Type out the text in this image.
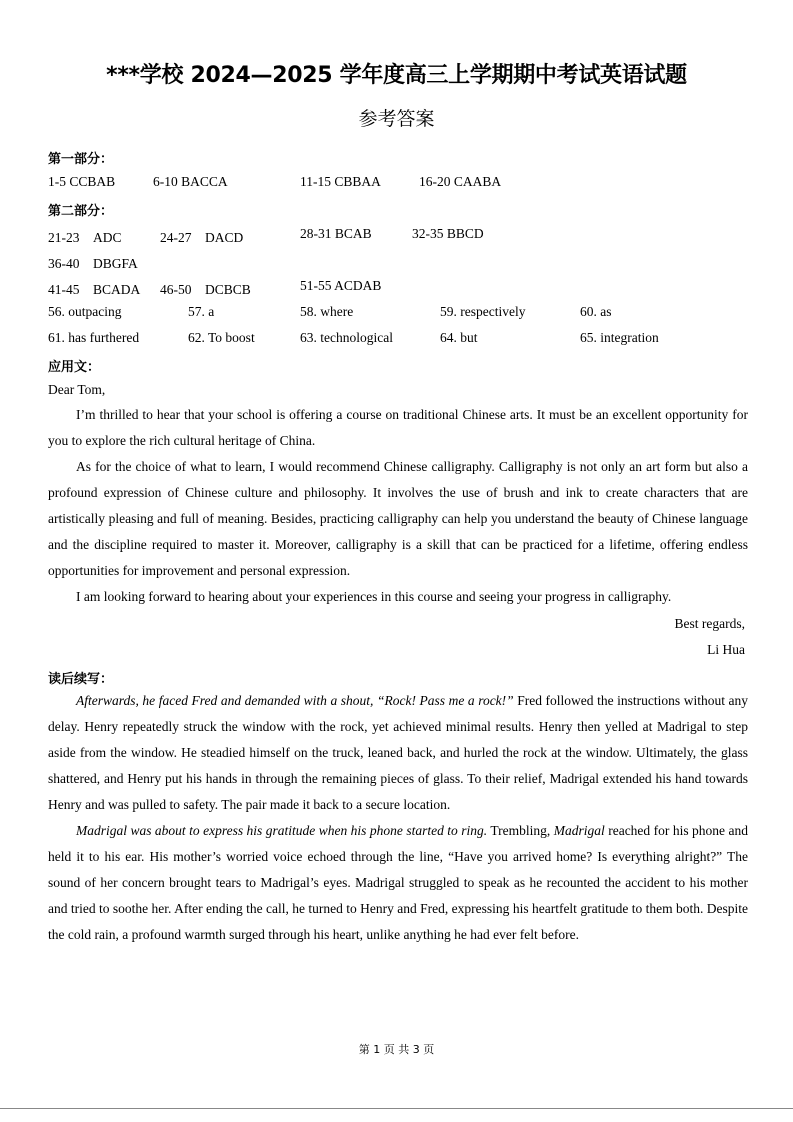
***学校 2024—2025 学年度高三上学期期中考试英语试题
参考答案
第一部分：
1-5 CCBAB	6-10 BACCA	11-15 CBBAA	16-20 CAABA
第二部分：
21-23　ADC	24-27　DACD	28-31 BCAB	32-35 BBCD
36-40　DBGFA
41-45　BCADA 46-50　DCBCB	51-55 ACDAB
56. outpacing	57. a	58. where	59. respectively	60. as
61. has furthered	62. To boost	63. technological	64. but	65. integration
应用文：
Dear Tom,

I’m thrilled to hear that your school is offering a course on traditional Chinese arts. It must be an excellent opportunity for you to explore the rich cultural heritage of China.

As for the choice of what to learn, I would recommend Chinese calligraphy. Calligraphy is not only an art form but also a profound expression of Chinese culture and philosophy. It involves the use of brush and ink to create characters that are artistically pleasing and full of meaning. Besides, practicing calligraphy can help you understand the beauty of Chinese language and the discipline required to master it. Moreover, calligraphy is a skill that can be practiced for a lifetime, offering endless opportunities for improvement and personal expression.

I am looking forward to hearing about your experiences in this course and seeing your progress in calligraphy.

Best regards,
Li Hua
读后续写：

Afterwards, he faced Fred and demanded with a shout, “Rock! Pass me a rock!” Fred followed the instructions without any delay. Henry repeatedly struck the window with the rock, yet achieved minimal results. Henry then yelled at Madrigal to step aside from the window. He steadied himself on the truck, leaned back, and hurled the rock at the window. Ultimately, the glass shattered, and Henry put his hands in through the remaining pieces of glass. To their relief, Madrigal extended his hand towards Henry and was pulled to safety. The pair made it back to a secure location.

Madrigal was about to express his gratitude when his phone started to ring. Trembling, Madrigal reached for his phone and held it to his ear. His mother’s worried voice echoed through the line, “Have you arrived home? Is everything alright?” The sound of her concern brought tears to Madrigal’s eyes. Madrigal struggled to speak as he recounted the accident to his mother and tried to soothe her. After ending the call, he turned to Henry and Fred, expressing his heartfelt gratitude to them both. Despite the cold rain, a profound warmth surged through his heart, unlike anything he had ever felt before.

第 1 页 共 3 页
